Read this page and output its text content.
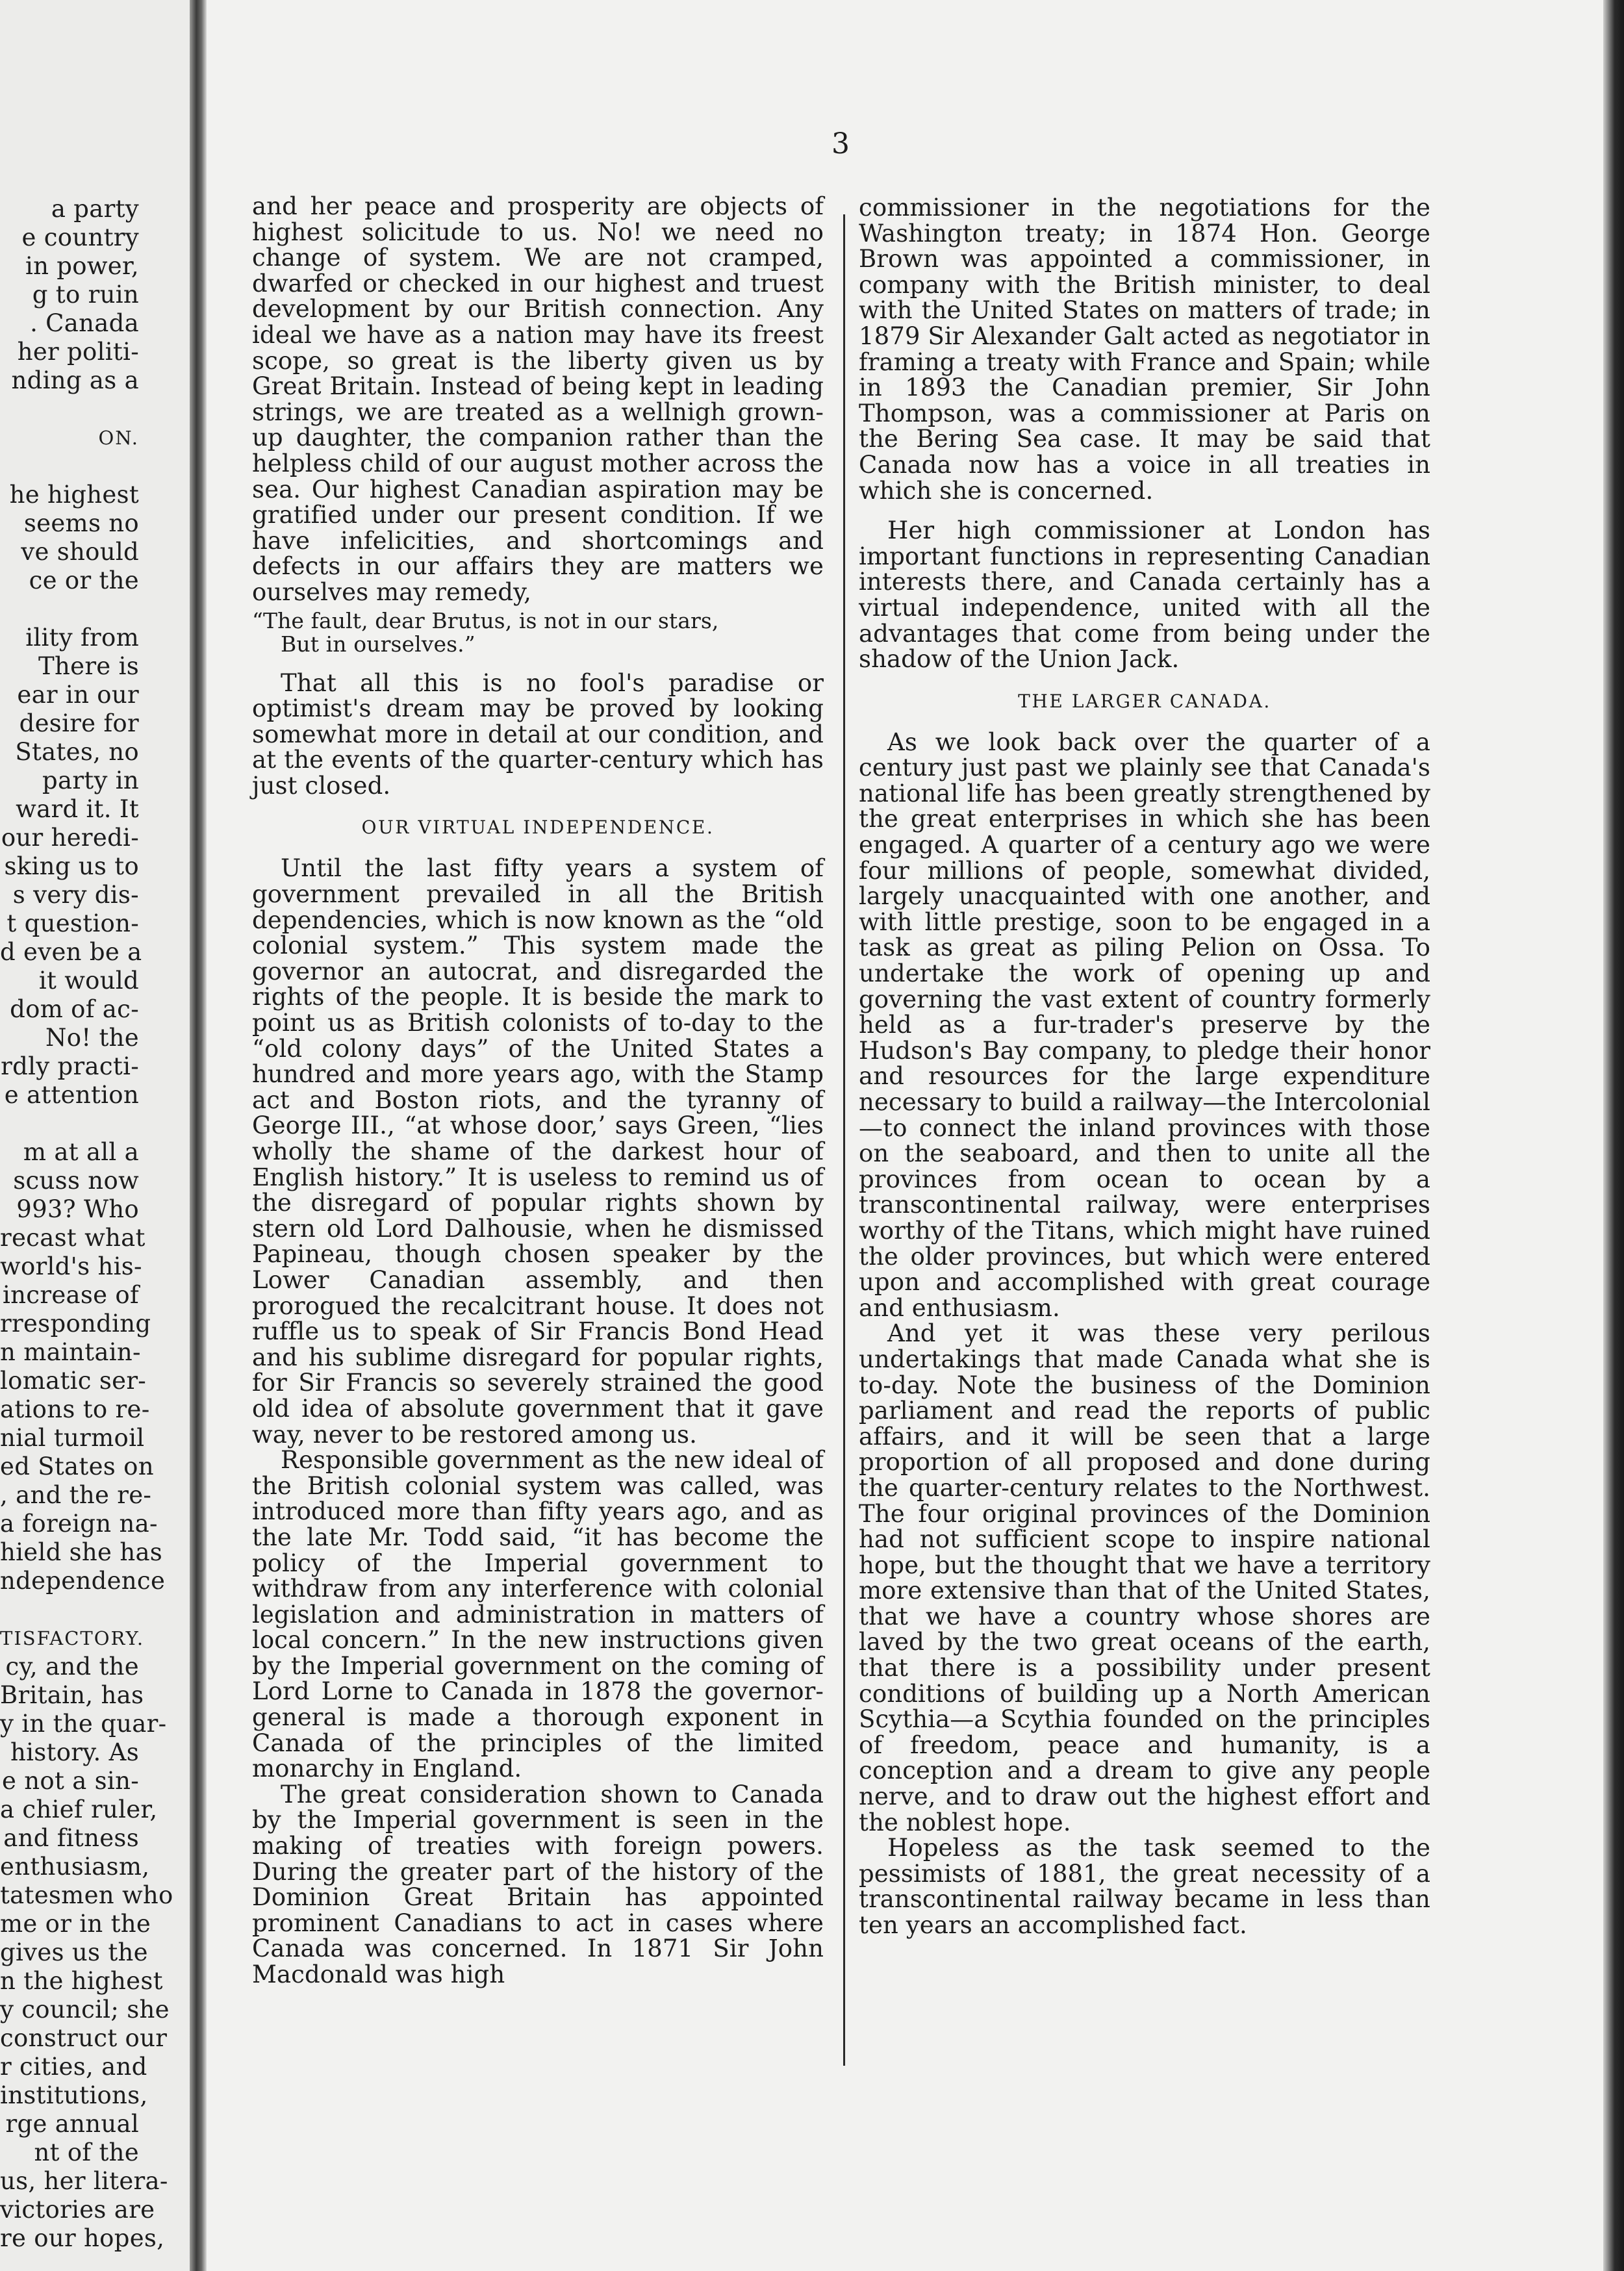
a party
e country
in power,
g to ruin
. Canada
her politi-
nding as a
ON.
he highest
seems no
ve should
ce or the
ility from
There is
ear in our
desire for
States, no
party in
ward it. It
our heredi-
sking us to
s very dis-
t question-
d even be a
it would
dom of ac-
No! the
rdly practi-
e attention
m at all a
scuss now
993? Who
recast what
world's his-
increase of
rresponding
n maintain-
lomatic ser-
ations to re-
nial turmoil
ed States on
, and the re-
a foreign na-
hield she has
ndependence
TISFACTORY.
cy, and the
Britain, has
y in the quar-
history. As
e not a sin-
a chief ruler,
and fitness
enthusiasm,
tatesmen who
me or in the
gives us the
n the highest
y council; she
construct our
r cities, and
institutions,
rge annual
nt of the
us, her litera-
victories are
re our hopes,
3

and her peace and prosperity are objects of highest solicitude to us. No! we need no change of system. We are not cramped, dwarfed or checked in our highest and truest development by our British connection. Any ideal we have as a nation may have its freest scope, so great is the liberty given us by Great Britain. Instead of being kept in leading strings, we are treated as a wellnigh grown-up daughter, the companion rather than the helpless child of our august mother across the sea. Our highest Canadian aspiration may be gratified under our present condition. If we have infelicities, and shortcomings and defects in our affairs they are matters we ourselves may remedy,

“The fault, dear Brutus, is not in our stars,
But in ourselves.”

That all this is no fool's paradise or optimist's dream may be proved by looking somewhat more in detail at our condition, and at the events of the quarter-century which has just closed.

OUR VIRTUAL INDEPENDENCE.

Until the last fifty years a system of government prevailed in all the British dependencies, which is now known as the “old colonial system.” This system made the governor an autocrat, and disregarded the rights of the people. It is beside the mark to point us as British colonists of to-day to the “old colony days” of the United States a hundred and more years ago, with the Stamp act and Boston riots, and the tyranny of George III., “at whose door,’ says Green, “lies wholly the shame of the darkest hour of English history.” It is useless to remind us of the disregard of popular rights shown by stern old Lord Dalhousie, when he dismissed Papineau, though chosen speaker by the Lower Canadian assembly, and then prorogued the recalcitrant house. It does not ruffle us to speak of Sir Francis Bond Head and his sublime disregard for popular rights, for Sir Francis so severely strained the good old idea of absolute government that it gave way, never to be restored among us.

Responsible government as the new ideal of the British colonial system was called, was introduced more than fifty years ago, and as the late Mr. Todd said, “it has become the policy of the Imperial government to withdraw from any interference with colonial legislation and administration in matters of local concern.” In the new instructions given by the Imperial government on the coming of Lord Lorne to Canada in 1878 the governor-general is made a thorough exponent in Canada of the principles of the limited monarchy in England.

The great consideration shown to Canada by the Imperial government is seen in the making of treaties with foreign powers. During the greater part of the history of the Dominion Great Britain has appointed prominent Canadians to act in cases where Canada was concerned. In 1871 Sir John Macdonald was high

commissioner in the negotiations for the Washington treaty; in 1874 Hon. George Brown was appointed a commissioner, in company with the British minister, to deal with the United States on matters of trade; in 1879 Sir Alexander Galt acted as negotiator in framing a treaty with France and Spain; while in 1893 the Canadian premier, Sir John Thompson, was a commissioner at Paris on the Bering Sea case. It may be said that Canada now has a voice in all treaties in which she is concerned.

Her high commissioner at London has important functions in representing Canadian interests there, and Canada certainly has a virtual independence, united with all the advantages that come from being under the shadow of the Union Jack.

THE LARGER CANADA.

As we look back over the quarter of a century just past we plainly see that Canada's national life has been greatly strengthened by the great enterprises in which she has been engaged. A quarter of a century ago we were four millions of people, somewhat divided, largely unacquainted with one another, and with little prestige, soon to be engaged in a task as great as piling Pelion on Ossa. To undertake the work of opening up and governing the vast extent of country formerly held as a fur-trader's preserve by the Hudson's Bay company, to pledge their honor and resources for the large expenditure necessary to build a railway—the Intercolonial—to connect the inland provinces with those on the seaboard, and then to unite all the provinces from ocean to ocean by a transcontinental railway, were enterprises worthy of the Titans, which might have ruined the older provinces, but which were entered upon and accomplished with great courage and enthusiasm.

And yet it was these very perilous undertakings that made Canada what she is to-day. Note the business of the Dominion parliament and read the reports of public affairs, and it will be seen that a large proportion of all proposed and done during the quarter-century relates to the Northwest. The four original provinces of the Dominion had not sufficient scope to inspire national hope, but the thought that we have a territory more extensive than that of the United States, that we have a country whose shores are laved by the two great oceans of the earth, that there is a possibility under present conditions of building up a North American Scythia—a Scythia founded on the principles of freedom, peace and humanity, is a conception and a dream to give any people nerve, and to draw out the highest effort and the noblest hope.

Hopeless as the task seemed to the pessimists of 1881, the great necessity of a transcontinental railway became in less than ten years an accomplished fact.
